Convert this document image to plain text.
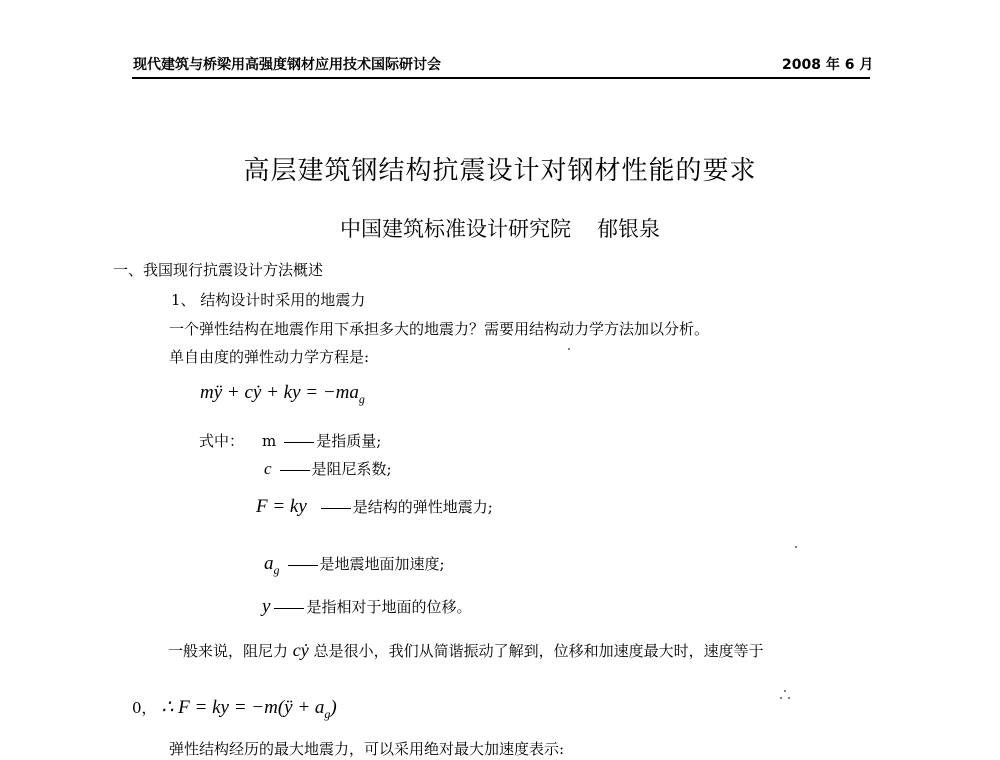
现代建筑与桥梁用高强度钢材应用技术国际研讨会	2008 年 6 月
高层建筑钢结构抗震设计对钢材性能的要求
中国建筑标准设计研究院 郁银泉
一、我国现行抗震设计方法概述
1、 结构设计时采用的地震力
一个弹性结构在地震作用下承担多大的地震力？需要用结构动力学方法加以分析。
单自由度的弹性动力学方程是:
mÿ + cẏ + ky = $-ma_g$
式中： m	是指质量;
c	是阻尼系数;
F = ky	是结构的弹性地震力;
$a_g$	是地震地面加速度;
y 是指相对于地面的位移。
一般来说，阻尼力 cẏ 总是很小，我们从简谐振动了解到，位移和加速度最大时，速度等于
0， ∴ F = ky = −m(ÿ + $a_g$)
弹性结构经历的最大地震力，可以采用绝对最大加速度表示:
